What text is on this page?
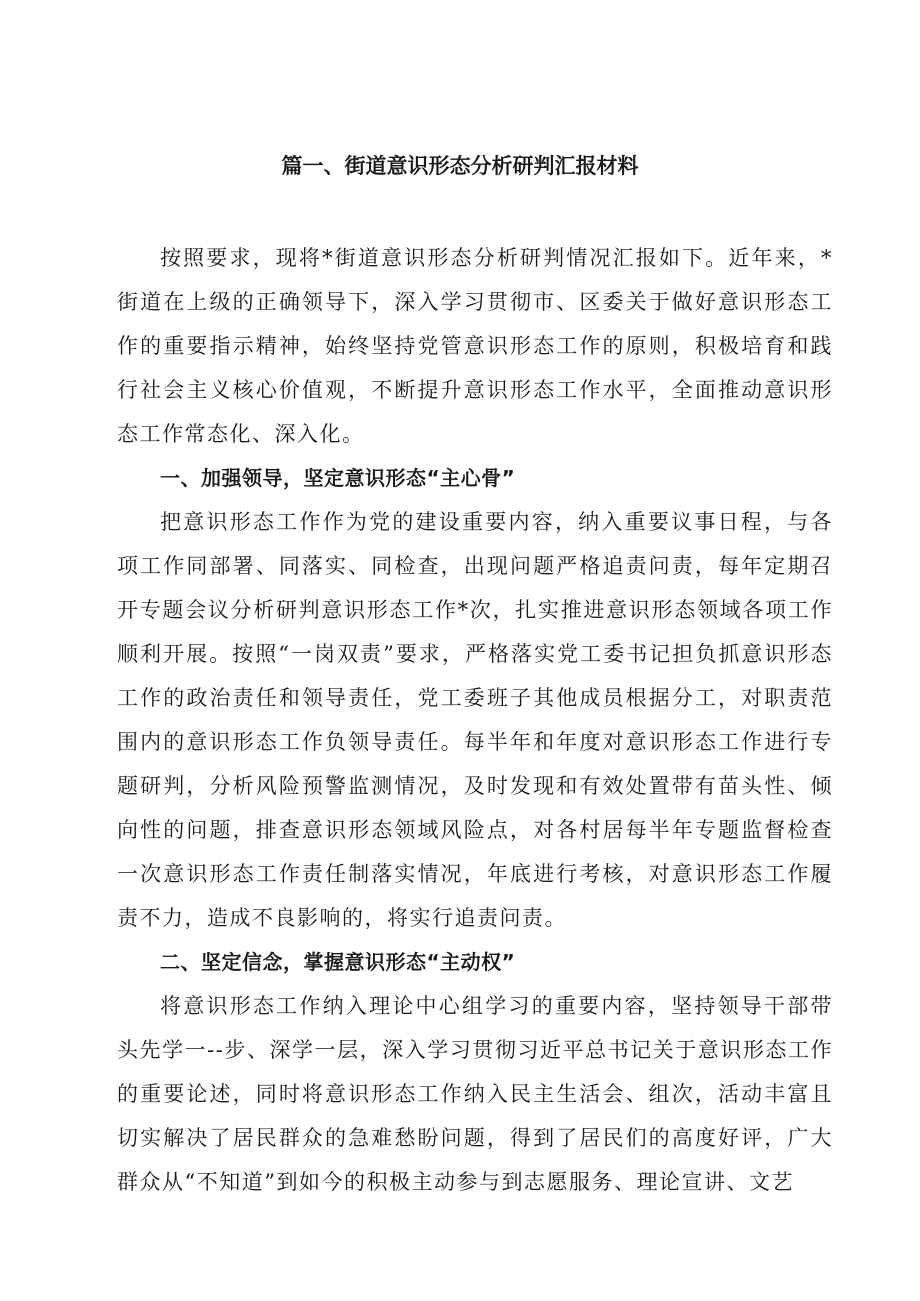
篇一、街道意识形态分析研判汇报材料

按照要求，现将*街道意识形态分析研判情况汇报如下。近年来，*街道在上级的正确领导下，深入学习贯彻市、区委关于做好意识形态工作的重要指示精神，始终坚持党管意识形态工作的原则，积极培育和践行社会主义核心价值观，不断提升意识形态工作水平，全面推动意识形态工作常态化、深入化。

一、加强领导，坚定意识形态“主心骨”

把意识形态工作作为党的建设重要内容，纳入重要议事日程，与各项工作同部署、同落实、同检查，出现问题严格追责问责，每年定期召开专题会议分析研判意识形态工作*次，扎实推进意识形态领域各项工作顺利开展。按照“一岗双责”要求，严格落实党工委书记担负抓意识形态工作的政治责任和领导责任，党工委班子其他成员根据分工，对职责范围内的意识形态工作负领导责任。每半年和年度对意识形态工作进行专题研判，分析风险预警监测情况，及时发现和有效处置带有苗头性、倾向性的问题，排查意识形态领域风险点，对各村居每半年专题监督检查一次意识形态工作责任制落实情况，年底进行考核，对意识形态工作履责不力，造成不良影响的，将实行追责问责。

二、坚定信念，掌握意识形态“主动权”

将意识形态工作纳入理论中心组学习的重要内容，坚持领导干部带头先学一--步、深学一层，深入学习贯彻习近平总书记关于意识形态工作的重要论述，同时将意识形态工作纳入民主生活会、组次，活动丰富且切实解决了居民群众的急难愁盼问题，得到了居民们的高度好评，广大群众从“不知道”到如今的积极主动参与到志愿服务、理论宣讲、文艺
